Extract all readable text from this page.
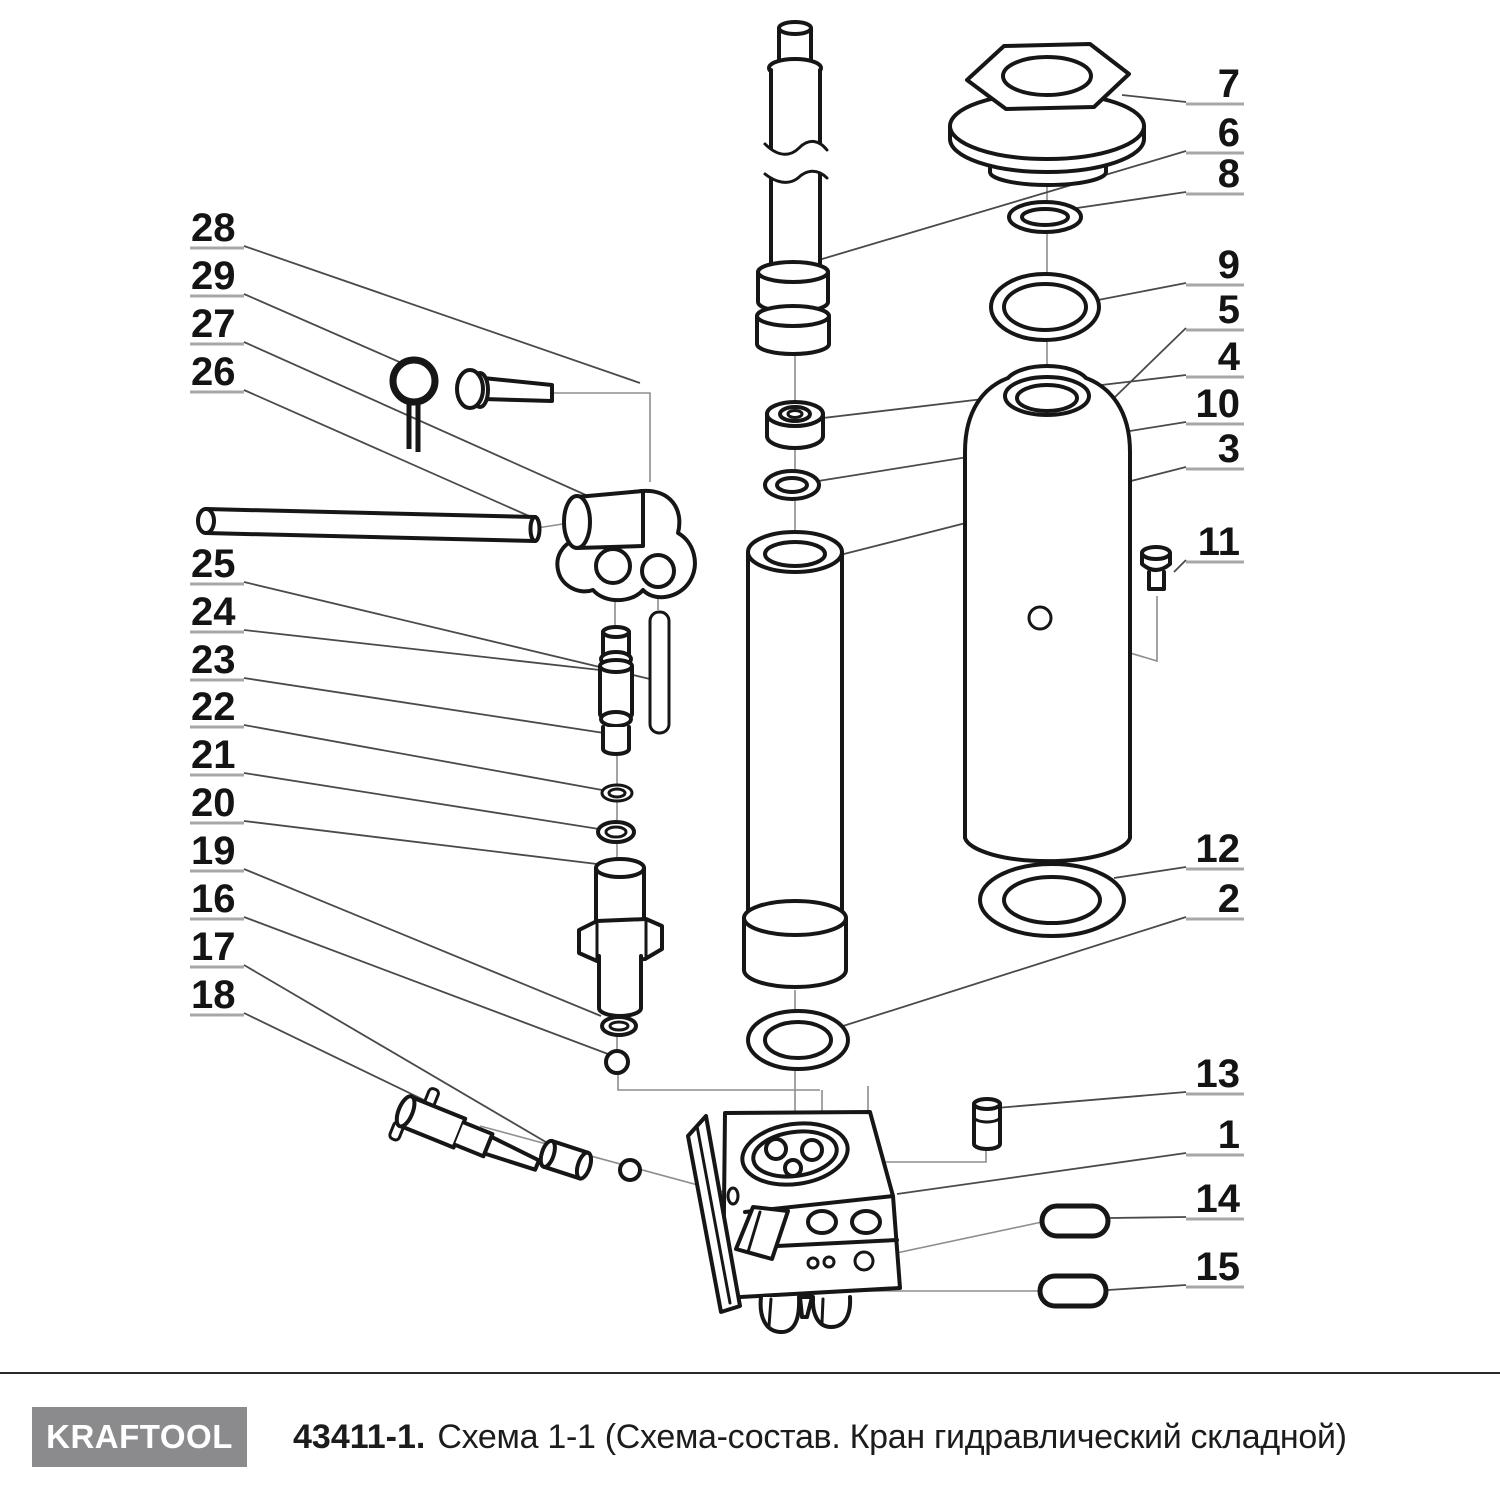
28
29
27
26
25
24
23
22
21
20
19
16
17
18
7
6
8
9
5
4
10
3
11
12
2
13
1
14
15
KRAFTOOL 43411-1. Схема 1-1 (Схема-состав. Кран гидравлический складной)
